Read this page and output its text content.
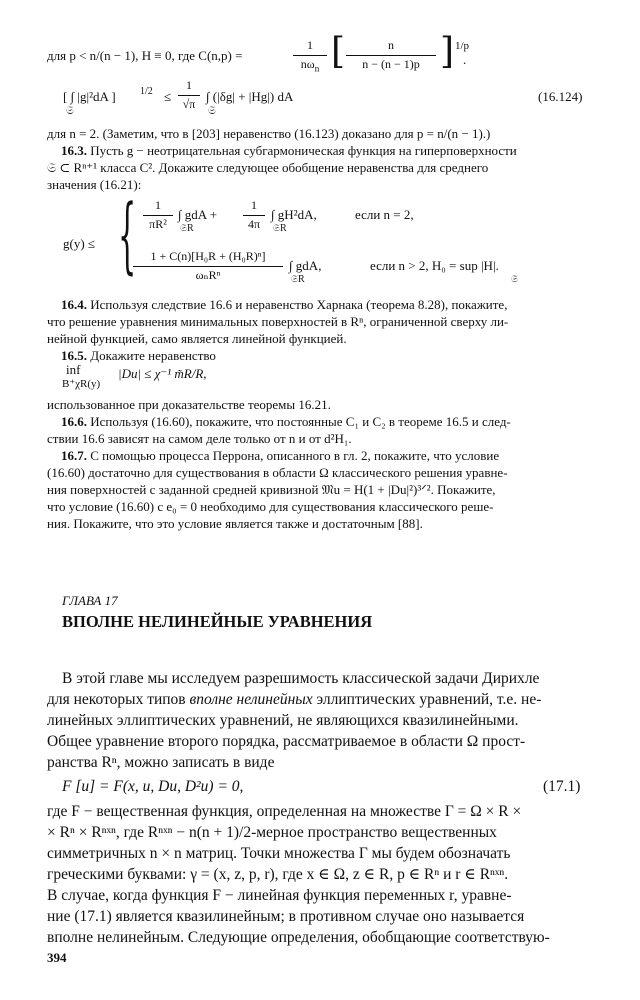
для p < n/(n − 1), H ≡ 0, где C(n,p) =
1
$n\omega_n$ [	n
n − (n − 1)p ] 1/p
.
[ ∫ |g|²dA ] 1/2
𝔖
≤
1
√π ∫ (|δg| + |Hg|) dA
𝔖
(16.124)
для n = 2. (Заметим, что в [203] неравенство (16.123) доказано для p = n/(n − 1).)
16.3. Пусть g − неотрицательная субгармоническая функция на гиперповерхности
𝔖 ⊂ Rⁿ⁺¹ класса C². Докажите следующее обобщение неравенства для среднего
значения (16.21):
g(y) ≤ {	1
πR²
∫ gdA +
𝔖R
1
4π
∫ gH²dA,
𝔖R
если n = 2,
1 + C(n)[H₀R + (H₀R)ⁿ]
ωₙRⁿ
∫ gdA,
𝔖R
если n > 2, H₀ = sup |H|.
𝔖
16.4. Используя следствие 16.6 и неравенство Харнака (теорема 8.28), покажите,
что решение уравнения минимальных поверхностей в Rⁿ, ограниченной сверху ли-
нейной функцией, само является линейной функцией.
16.5. Докажите неравенство
inf
B⁺χR(y)
|Du| ≤ χ⁻¹ m̃R/R,
использованное при доказательстве теоремы 16.21.
16.6. Используя (16.60), покажите, что постоянные C₁ и C₂ в теореме 16.5 и след-
ствии 16.6 зависят на самом деле только от n и от d²H₁.
16.7. С помощью процесса Перрона, описанного в гл. 2, покажите, что условие
(16.60) достаточно для существования в области Ω классического решения уравне-
ния поверхностей с заданной средней кривизной 𝔐u = H(1 + |Du|²)³ᐟ². Покажите,
что условие (16.60) с e₀ = 0 необходимо для существования классического реше-
ния. Покажите, что это условие является также и достаточным [88].
ГЛАВА 17
ВПОЛНЕ НЕЛИНЕЙНЫЕ УРАВНЕНИЯ
В этой главе мы исследуем разрешимость классической задачи Дирихле
для некоторых типов вполне нелинейных эллиптических уравнений, т.е. не-
линейных эллиптических уравнений, не являющихся квазилинейными.
Общее уравнение второго порядка, рассматриваемое в области Ω прост-
ранства Rⁿ, можно записать в виде
F [u] = F(x, u, Du, D²u) = 0,	(17.1)
где F − вещественная функция, определенная на множестве Γ = Ω × R ×
× Rⁿ × Rⁿˣⁿ, где Rⁿˣⁿ − n(n + 1)/2-мерное пространство вещественных
симметричных n × n матриц. Точки множества Γ мы будем обозначать
греческими буквами: γ = (x, z, p, r), где x ∈ Ω, z ∈ R, p ∈ Rⁿ и r ∈ Rⁿˣⁿ.
В случае, когда функция F − линейная функция переменных r, уравне-
ние (17.1) является квазилинейным; в противном случае оно называется
вполне нелинейным. Следующие определения, обобщающие соответствую-
394
